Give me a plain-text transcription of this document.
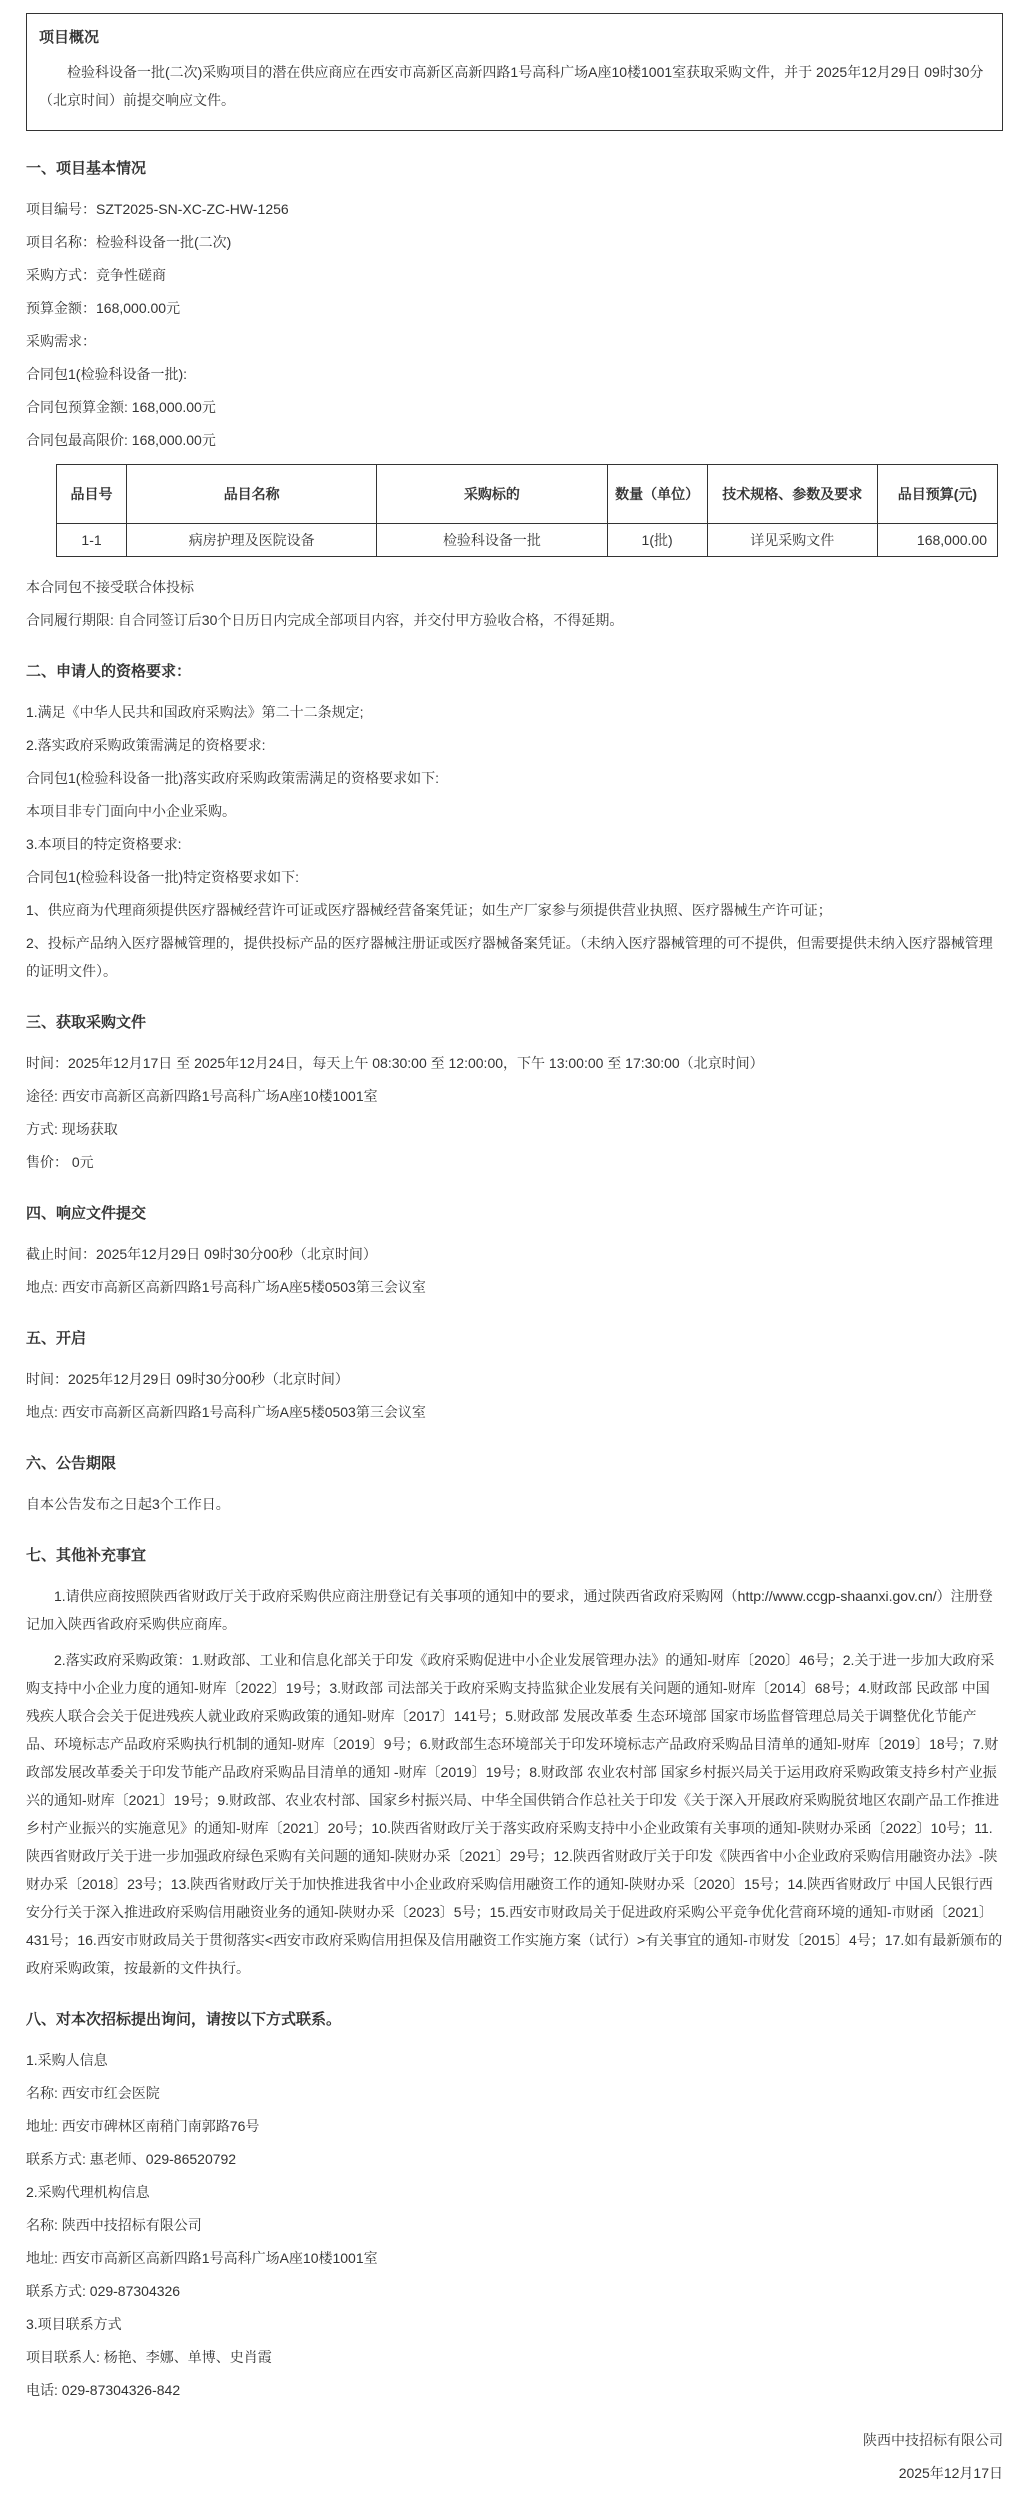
项目概况

检验科设备一批(二次)采购项目的潜在供应商应在西安市高新区高新四路1号高科广场A座10楼1001室获取采购文件，并于 2025年12月29日 09时30分（北京时间）前提交响应文件。

一、项目基本情况

项目编号：SZT2025-SN-XC-ZC-HW-1256

项目名称：检验科设备一批(二次)

采购方式：竞争性磋商

预算金额：168,000.00元

采购需求：

合同包1(检验科设备一批):

合同包预算金额: 168,000.00元

合同包最高限价: 168,000.00元

品目号	品目名称	采购标的	数量（单位）	技术规格、参数及要求	品目预算(元)
1-1	病房护理及医院设备	检验科设备一批	1(批)	详见采购文件	168,000.00

本合同包不接受联合体投标

合同履行期限: 自合同签订后30个日历日内完成全部项目内容，并交付甲方验收合格，不得延期。

二、申请人的资格要求：

1.满足《中华人民共和国政府采购法》第二十二条规定;

2.落实政府采购政策需满足的资格要求:

合同包1(检验科设备一批)落实政府采购政策需满足的资格要求如下:

本项目非专门面向中小企业采购。

3.本项目的特定资格要求:

合同包1(检验科设备一批)特定资格要求如下:

1、供应商为代理商须提供医疗器械经营许可证或医疗器械经营备案凭证；如生产厂家参与须提供营业执照、医疗器械生产许可证；

2、投标产品纳入医疗器械管理的，提供投标产品的医疗器械注册证或医疗器械备案凭证。（未纳入医疗器械管理的可不提供，但需要提供未纳入医疗器械管理的证明文件）。

三、获取采购文件

时间：2025年12月17日 至 2025年12月24日，每天上午 08:30:00 至 12:00:00，下午 13:00:00 至 17:30:00（北京时间）

途径: 西安市高新区高新四路1号高科广场A座10楼1001室

方式: 现场获取

售价： 0元

四、响应文件提交

截止时间：2025年12月29日 09时30分00秒（北京时间）

地点: 西安市高新区高新四路1号高科广场A座5楼0503第三会议室

五、开启

时间：2025年12月29日 09时30分00秒（北京时间）

地点: 西安市高新区高新四路1号高科广场A座5楼0503第三会议室

六、公告期限

自本公告发布之日起3个工作日。

七、其他补充事宜

1.请供应商按照陕西省财政厅关于政府采购供应商注册登记有关事项的通知中的要求，通过陕西省政府采购网（http://www.ccgp-shaanxi.gov.cn/）注册登记加入陕西省政府采购供应商库。

2.落实政府采购政策：1.财政部、工业和信息化部关于印发《政府采购促进中小企业发展管理办法》的通知-财库〔2020〕46号；2.关于进一步加大政府采购支持中小企业力度的通知-财库〔2022〕19号；3.财政部 司法部关于政府采购支持监狱企业发展有关问题的通知-财库〔2014〕68号；4.财政部 民政部 中国残疾人联合会关于促进残疾人就业政府采购政策的通知-财库〔2017〕141号；5.财政部 发展改革委 生态环境部 国家市场监督管理总局关于调整优化节能产品、环境标志产品政府采购执行机制的通知-财库〔2019〕9号；6.财政部生态环境部关于印发环境标志产品政府采购品目清单的通知-财库〔2019〕18号；7.财政部发展改革委关于印发节能产品政府采购品目清单的通知 -财库〔2019〕19号；8.财政部 农业农村部 国家乡村振兴局关于运用政府采购政策支持乡村产业振兴的通知-财库〔2021〕19号；9.财政部、农业农村部、国家乡村振兴局、中华全国供销合作总社关于印发《关于深入开展政府采购脱贫地区农副产品工作推进乡村产业振兴的实施意见》的通知-财库〔2021〕20号；10.陕西省财政厅关于落实政府采购支持中小企业政策有关事项的通知-陕财办采函〔2022〕10号；11.陕西省财政厅关于进一步加强政府绿色采购有关问题的通知-陕财办采〔2021〕29号；12.陕西省财政厅关于印发《陕西省中小企业政府采购信用融资办法》-陕财办采〔2018〕23号；13.陕西省财政厅关于加快推进我省中小企业政府采购信用融资工作的通知-陕财办采〔2020〕15号；14.陕西省财政厅 中国人民银行西安分行关于深入推进政府采购信用融资业务的通知-陕财办采〔2023〕5号；15.西安市财政局关于促进政府采购公平竞争优化营商环境的通知-市财函〔2021〕431号；16.西安市财政局关于贯彻落实<西安市政府采购信用担保及信用融资工作实施方案（试行）>有关事宜的通知-市财发〔2015〕4号；17.如有最新颁布的政府采购政策，按最新的文件执行。

八、对本次招标提出询问，请按以下方式联系。

1.采购人信息

名称: 西安市红会医院

地址: 西安市碑林区南稍门南郭路76号

联系方式: 惠老师、029-86520792

2.采购代理机构信息

名称: 陕西中技招标有限公司

地址: 西安市高新区高新四路1号高科广场A座10楼1001室

联系方式: 029-87304326

3.项目联系方式

项目联系人: 杨艳、李娜、单博、史肖霞

电话: 029-87304326-842

陕西中技招标有限公司

2025年12月17日
